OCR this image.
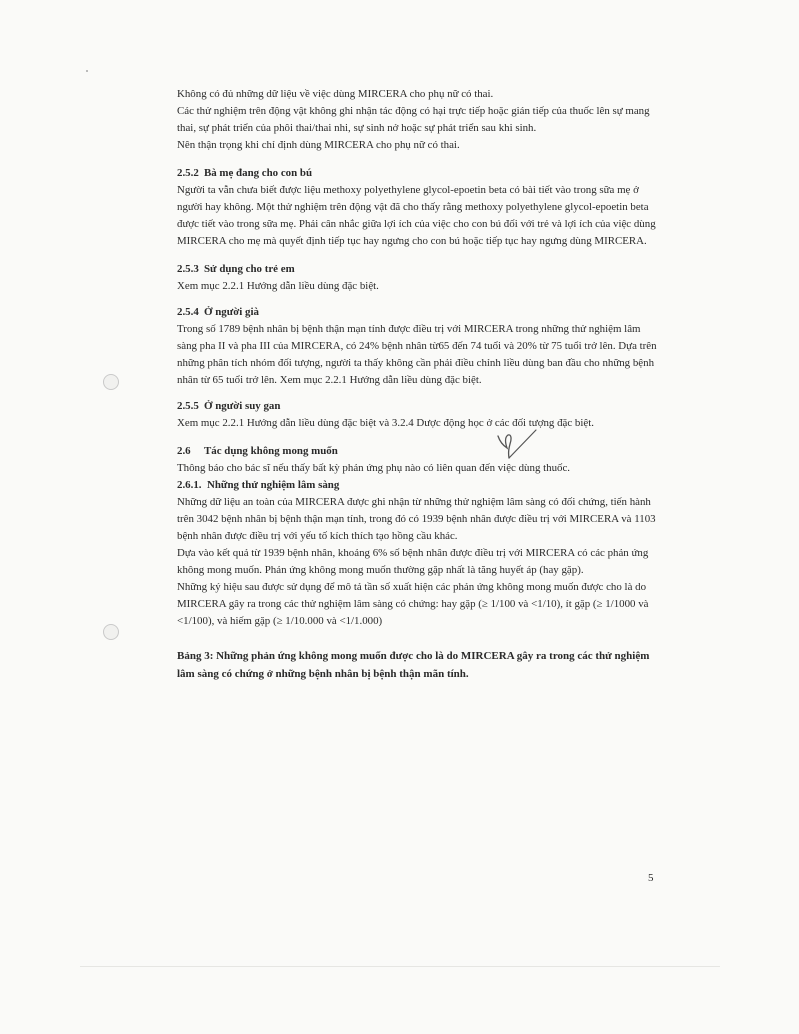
Không có đủ những dữ liệu về việc dùng MIRCERA cho phụ nữ có thai.

Các thử nghiệm trên động vật không ghi nhận tác động có hại trực tiếp hoặc gián tiếp của thuốc lên sự mang thai, sự phát triển của phôi thai/thai nhi, sự sinh nở hoặc sự phát triển sau khi sinh.

Nên thận trọng khi chỉ định dùng MIRCERA cho phụ nữ có thai.

2.5.2 Bà mẹ đang cho con bú

Người ta vẫn chưa biết được liệu methoxy polyethylene glycol-epoetin beta có bài tiết vào trong sữa mẹ ở người hay không. Một thử nghiệm trên động vật đã cho thấy rằng methoxy polyethylene glycol-epoetin beta được tiết vào trong sữa mẹ. Phải cân nhắc giữa lợi ích của việc cho con bú đối với trẻ và lợi ích của việc dùng MIRCERA cho mẹ mà quyết định tiếp tục hay ngưng cho con bú hoặc tiếp tục hay ngưng dùng MIRCERA.

2.5.3 Sử dụng cho trẻ em

Xem mục 2.2.1 Hướng dẫn liều dùng đặc biệt.

2.5.4 Ở người già

Trong số 1789 bệnh nhân bị bệnh thận mạn tính được điều trị với MIRCERA trong những thử nghiệm lâm sàng pha II và pha III của MIRCERA, có 24% bệnh nhân từ65 đến 74 tuổi và 20% từ 75 tuổi trở lên. Dựa trên những phân tích nhóm đối tượng, người ta thấy không cần phải điều chỉnh liều dùng ban đầu cho những bệnh nhân từ 65 tuổi trở lên. Xem mục 2.2.1 Hướng dẫn liều dùng đặc biệt.

2.5.5 Ở người suy gan

Xem mục 2.2.1 Hướng dẫn liều dùng đặc biệt và 3.2.4 Dược động học ở các đối tượng đặc biệt.

2.6 Tác dụng không mong muốn

Thông báo cho bác sĩ nếu thấy bất kỳ phản ứng phụ nào có liên quan đến việc dùng thuốc.

2.6.1. Những thử nghiệm lâm sàng

Những dữ liệu an toàn của MIRCERA được ghi nhận từ những thử nghiệm lâm sàng có đối chứng, tiến hành trên 3042 bệnh nhân bị bệnh thận mạn tính, trong đó có 1939 bệnh nhân được điều trị với MIRCERA và 1103 bệnh nhân được điều trị với yếu tố kích thích tạo hồng cầu khác.

Dựa vào kết quả từ 1939 bệnh nhân, khoảng 6% số bệnh nhân được điều trị với MIRCERA có các phản ứng không mong muốn. Phản ứng không mong muốn thường gặp nhất là tăng huyết áp (hay gặp).

Những ký hiệu sau được sử dụng để mô tả tần số xuất hiện các phản ứng không mong muốn được cho là do MIRCERA gây ra trong các thử nghiệm lâm sàng có chứng: hay gặp (≥ 1/100 và <1/10), ít gặp (≥ 1/1000 và <1/100), và hiếm gặp (≥ 1/10.000 và <1/1.000)

Bảng 3: Những phản ứng không mong muốn được cho là do MIRCERA gây ra trong các thử nghiệm lâm sàng có chứng ở những bệnh nhân bị bệnh thận mãn tính.

5
